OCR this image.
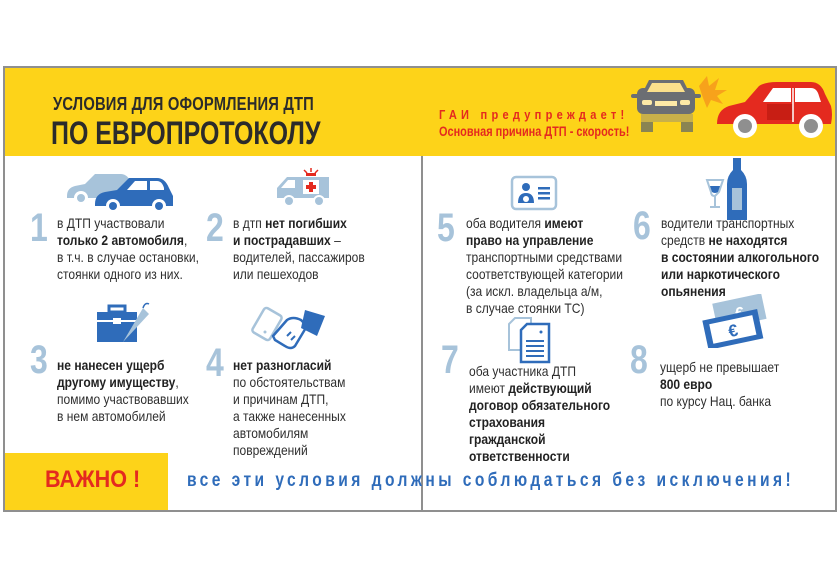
УСЛОВИЯ ДЛЯ ОФОРМЛЕНИЯ ДТП
ПО ЕВРОПРОТОКОЛУ
ГАИ предупреждает!
Основная причина ДТП - скорость!
1 в ДТП участвовали
только 2 автомобиля,
в т.ч. в случае остановки,
стоянки одного из них.
2 в дтп нет погибших
и пострадавших –
водителей, пассажиров
или пешеходов
3 не нанесен ущерб
другому имуществу,
помимо участвовавших
в нем автомобилей
4 нет разногласий
по обстоятельствам
и причинам ДТП,
а также нанесенных
автомобилям
повреждений
5 оба водителя имеют
право на управление
транспортными средствами
соответствующей категории
(за искл. владельца а/м,
в случае стоянки ТС)
6 водители транспортных
средств не находятся
в состоянии алкогольного
или наркотического
опьянения
7 оба участника ДТП
имеют действующий
договор обязательного
страхования
гражданской
ответственности
€
8 ущерб не превышает
800 евро
по курсу Нац. банка
ВАЖНО ! все эти условия должны соблюдаться без исключения!
